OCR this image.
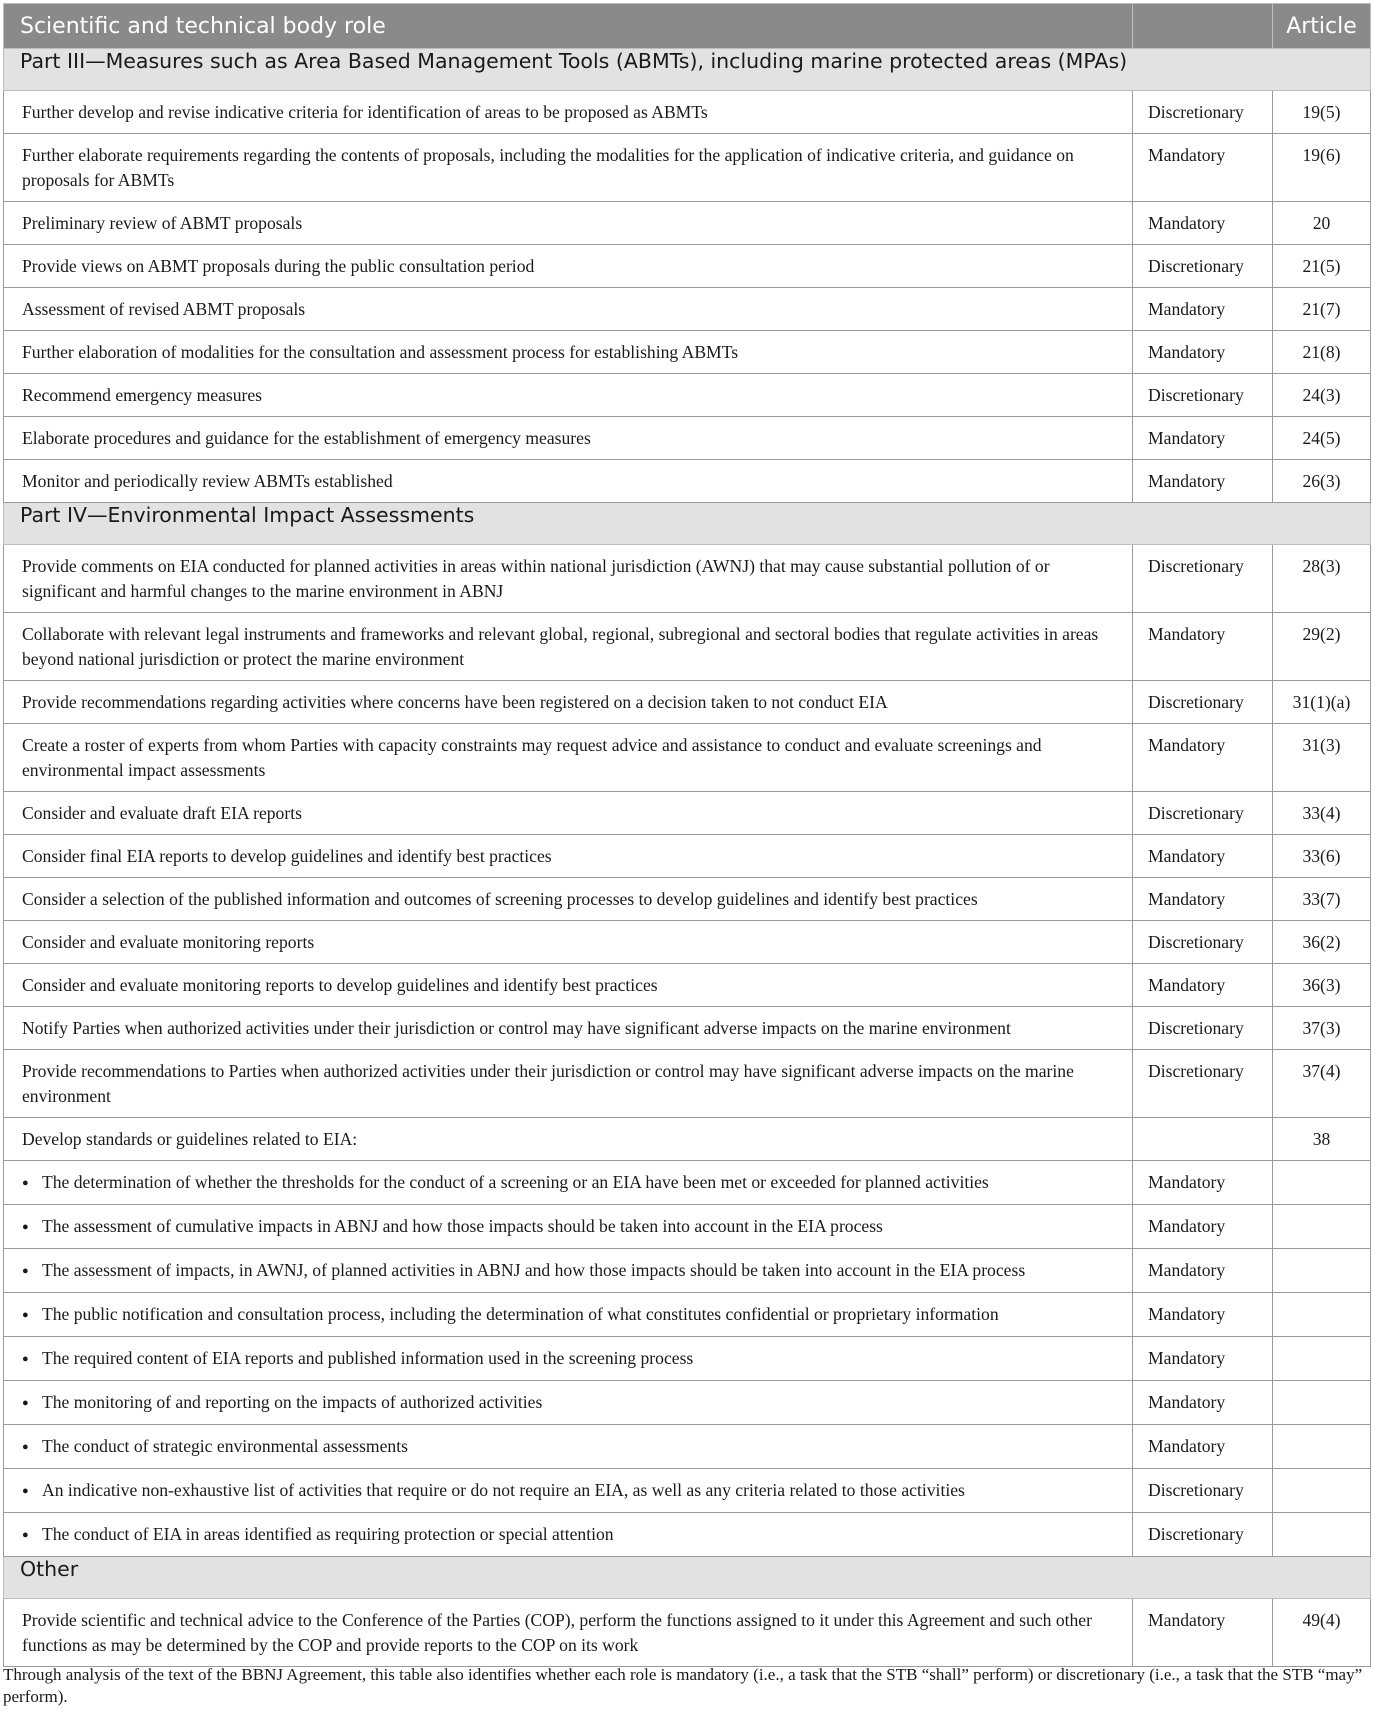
Scientific and technical body role		Article
Part III—Measures such as Area Based Management Tools (ABMTs), including marine protected areas (MPAs)		
Further develop and revise indicative criteria for identification of areas to be proposed as ABMTs	Discretionary	19(5)
Further elaborate requirements regarding the contents of proposals, including the modalities for the application of indicative criteria, and guidance on proposals for ABMTs	Mandatory	19(6)
Preliminary review of ABMT proposals	Mandatory	20
Provide views on ABMT proposals during the public consultation period	Discretionary	21(5)
Assessment of revised ABMT proposals	Mandatory	21(7)
Further elaboration of modalities for the consultation and assessment process for establishing ABMTs	Mandatory	21(8)
Recommend emergency measures	Discretionary	24(3)
Elaborate procedures and guidance for the establishment of emergency measures	Mandatory	24(5)
Monitor and periodically review ABMTs established	Mandatory	26(3)
Part IV—Environmental Impact Assessments		
Provide comments on EIA conducted for planned activities in areas within national jurisdiction (AWNJ) that may cause substantial pollution of or significant and harmful changes to the marine environment in ABNJ	Discretionary	28(3)
Collaborate with relevant legal instruments and frameworks and relevant global, regional, subregional and sectoral bodies that regulate activities in areas beyond national jurisdiction or protect the marine environment	Mandatory	29(2)
Provide recommendations regarding activities where concerns have been registered on a decision taken to not conduct EIA	Discretionary	31(1)(a)
Create a roster of experts from whom Parties with capacity constraints may request advice and assistance to conduct and evaluate screenings and environmental impact assessments	Mandatory	31(3)
Consider and evaluate draft EIA reports	Discretionary	33(4)
Consider final EIA reports to develop guidelines and identify best practices	Mandatory	33(6)
Consider a selection of the published information and outcomes of screening processes to develop guidelines and identify best practices	Mandatory	33(7)
Consider and evaluate monitoring reports	Discretionary	36(2)
Consider and evaluate monitoring reports to develop guidelines and identify best practices	Mandatory	36(3)
Notify Parties when authorized activities under their jurisdiction or control may have significant adverse impacts on the marine environment	Discretionary	37(3)
Provide recommendations to Parties when authorized activities under their jurisdiction or control may have significant adverse impacts on the marine environment	Discretionary	37(4)
Develop standards or guidelines related to EIA:		38
● The determination of whether the thresholds for the conduct of a screening or an EIA have been met or exceeded for planned activities	Mandatory	
● The assessment of cumulative impacts in ABNJ and how those impacts should be taken into account in the EIA process	Mandatory	
● The assessment of impacts, in AWNJ, of planned activities in ABNJ and how those impacts should be taken into account in the EIA process	Mandatory	
● The public notification and consultation process, including the determination of what constitutes confidential or proprietary information	Mandatory	
● The required content of EIA reports and published information used in the screening process	Mandatory	
● The monitoring of and reporting on the impacts of authorized activities	Mandatory	
● The conduct of strategic environmental assessments	Mandatory	
● An indicative non-exhaustive list of activities that require or do not require an EIA, as well as any criteria related to those activities	Discretionary	
● The conduct of EIA in areas identified as requiring protection or special attention	Discretionary	
Other		
Provide scientific and technical advice to the Conference of the Parties (COP), perform the functions assigned to it under this Agreement and such other functions as may be determined by the COP and provide reports to the COP on its work	Mandatory	49(4)
Through analysis of the text of the BBNJ Agreement, this table also identifies whether each role is mandatory (i.e., a task that the STB “shall” perform) or discretionary (i.e., a task that the STB “may” perform).
